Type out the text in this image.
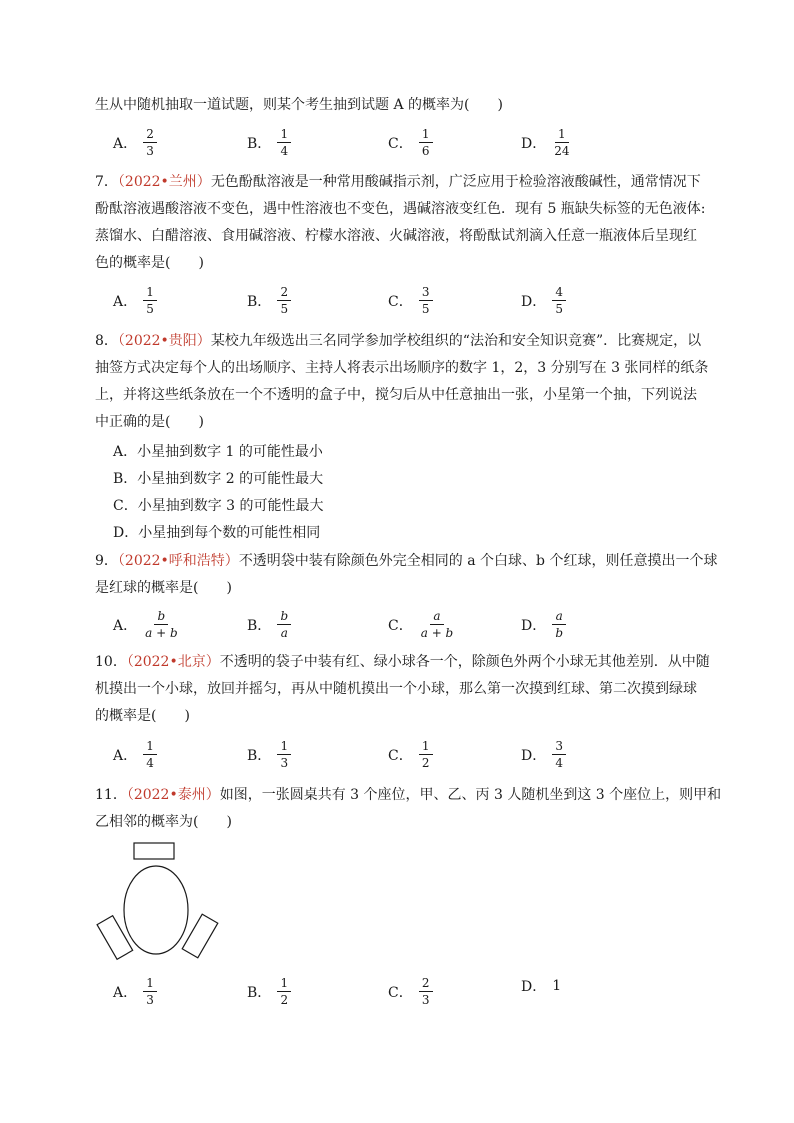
生从中随机抽取一道试题，则某个考生抽到试题 A 的概率为(　　)
A． $\frac{2}{3}$	B． $\frac{1}{4}$	C． $\frac{1}{6}$	D． $\frac{1}{24}$
7．（2022•兰州）无色酚酞溶液是一种常用酸碱指示剂，广泛应用于检验溶液酸碱性，通常情况下
酚酞溶液遇酸溶液不变色，遇中性溶液也不变色，遇碱溶液变红色．现有 5 瓶缺失标签的无色液体:
蒸馏水、白醋溶液、食用碱溶液、柠檬水溶液、火碱溶液，将酚酞试剂滴入任意一瓶液体后呈现红
色的概率是(　　)
A． $\frac{1}{5}$	B． $\frac{2}{5}$	C． $\frac{3}{5}$	D． $\frac{4}{5}$
8．（2022•贵阳）某校九年级选出三名同学参加学校组织的“法治和安全知识竞赛”．比赛规定，以
抽签方式决定每个人的出场顺序、主持人将表示出场顺序的数字 1，2，3 分别写在 3 张同样的纸条
上，并将这些纸条放在一个不透明的盒子中，搅匀后从中任意抽出一张，小星第一个抽，下列说法
中正确的是(　　)
A．小星抽到数字 1 的可能性最小
B．小星抽到数字 2 的可能性最大
C．小星抽到数字 3 的可能性最大
D．小星抽到每个数的可能性相同
9．（2022•呼和浩特）不透明袋中装有除颜色外完全相同的 a 个白球、b 个红球，则任意摸出一个球
是红球的概率是(　　)
A． $\frac{b}{a + b}$	B． $\frac{b}{a}$	C． $\frac{a}{a + b}$	D． $\frac{a}{b}$
10．（2022•北京）不透明的袋子中装有红、绿小球各一个，除颜色外两个小球无其他差别．从中随
机摸出一个小球，放回并摇匀，再从中随机摸出一个小球，那么第一次摸到红球、第二次摸到绿球
的概率是(　　)
A． $\frac{1}{4}$	B． $\frac{1}{3}$	C． $\frac{1}{2}$	D． $\frac{3}{4}$
11．（2022•泰州）如图，一张圆桌共有 3 个座位，甲、乙、丙 3 人随机坐到这 3 个座位上，则甲和
乙相邻的概率为(　　)
A． $\frac{1}{3}$	B． $\frac{1}{2}$	C． $\frac{2}{3}$	D． 1
